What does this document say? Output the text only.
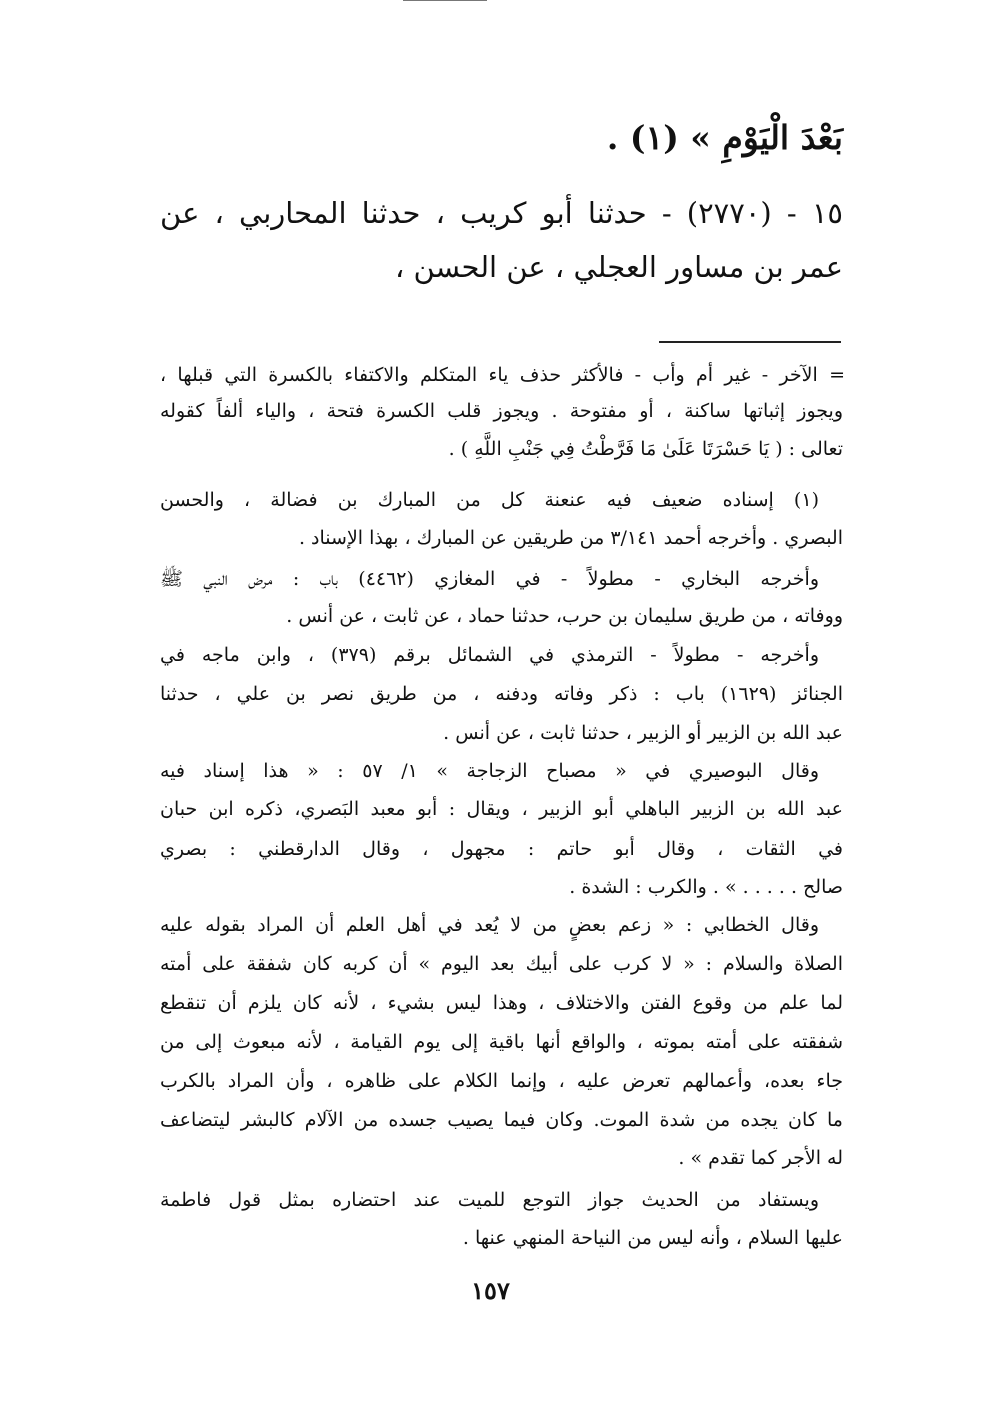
بَعْدَ الْيَوْمِ » (١) .
١٥ - (٢٧٧٠) - حدثنا أبو كريب ، حدثنا المحاربي ، عن
عمر بن مساور العجلي ، عن الحسن ،
= الآخر - غير أم وأب - فالأكثر حذف ياء المتكلم والاكتفاء بالكسرة التي قبلها ،
ويجوز إثباتها ساكنة ، أو مفتوحة . ويجوز قلب الكسرة فتحة ، والياء ألفاً كقوله
تعالى : ( يَا حَسْرَتَا عَلَىٰ مَا فَرَّطْتُ فِي جَنْبِ اللَّهِ ) .
(١) إسناده ضعيف فيه عنعنة كل من المبارك بن فضالة ، والحسن
البصري . وأخرجه أحمد ٣/١٤١ من طريقين عن المبارك ، بهذا الإسناد .
وأخرجه البخاري - مطولاً - في المغازي (٤٤٦٢) باب : مرض النبي ﷺ
ووفاته ، من طريق سليمان بن حرب، حدثنا حماد ، عن ثابت ، عن أنس .
وأخرجه - مطولاً - الترمذي في الشمائل برقم (٣٧٩) ، وابن ماجه في
الجنائز (١٦٢٩) باب : ذكر وفاته ودفنه ، من طريق نصر بن علي ، حدثنا
عبد الله بن الزبير أو الزبير ، حدثنا ثابت ، عن أنس .
وقال البوصيري في « مصباح الزجاجة » ١/ ٥٧ : « هذا إسناد فيه
عبد الله بن الزبير الباهلي أبو الزبير ، ويقال : أبو معبد البَصري، ذكره ابن حبان
في الثقات ، وقال أبو حاتم : مجهول ، وقال الدارقطني : بصري
صالح . . . . . » . والكرب : الشدة .
وقال الخطابي : « زعم بعضٍ من لا يُعد في أهل العلم أن المراد بقوله عليه
الصلاة والسلام : « لا كرب على أبيك بعد اليوم » أن كربه كان شفقة على أمته
لما علم من وقوع الفتن والاختلاف ، وهذا ليس بشيء ، لأنه كان يلزم أن تنقطع
شفقته على أمته بموته ، والواقع أنها باقية إلى يوم القيامة ، لأنه مبعوث إلى من
جاء بعده، وأعمالهم تعرض عليه ، وإنما الكلام على ظاهره ، وأن المراد بالكرب
ما كان يجده من شدة الموت. وكان فيما يصيب جسده من الآلام كالبشر ليتضاعف
له الأجر كما تقدم » .
ويستفاد من الحديث جواز التوجع للميت عند احتضاره بمثل قول فاطمة
عليها السلام ، وأنه ليس من النياحة المنهي عنها .
١٥٧
